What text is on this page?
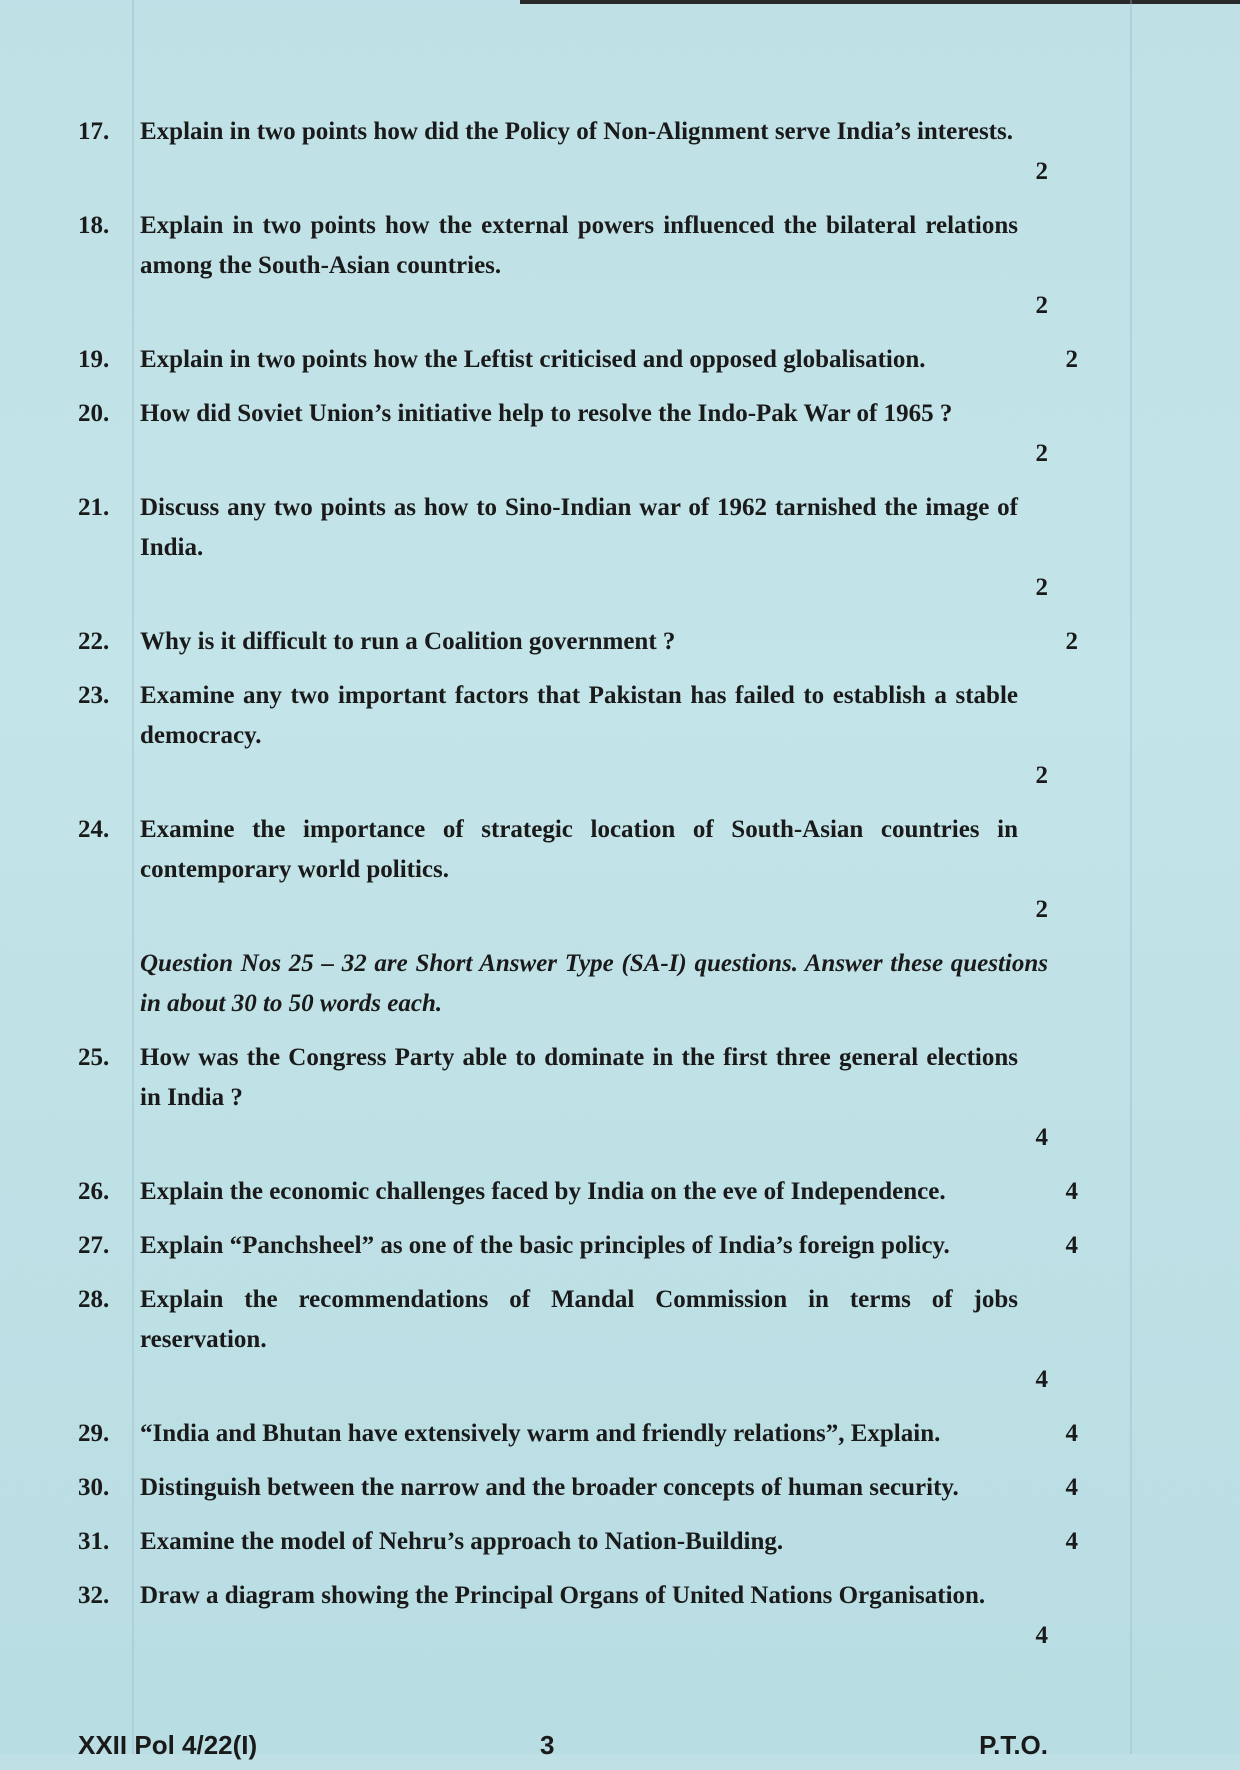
17.	Explain in two points how did the Policy of Non-Alignment serve India’s interests.
2
18.	Explain in two points how the external powers influenced the bilateral relations among the South-Asian countries.
2
19.	Explain in two points how the Leftist criticised and opposed globalisation.	2
20.	How did Soviet Union’s initiative help to resolve the Indo-Pak War of 1965 ?
2
21.	Discuss any two points as how to Sino-Indian war of 1962 tarnished the image of India.
2
22.	Why is it difficult to run a Coalition government ?	2
23.	Examine any two important factors that Pakistan has failed to establish a stable democracy.
2
24.	Examine the importance of strategic location of South-Asian countries in contemporary world politics.
2
Question Nos 25 – 32 are Short Answer Type (SA-I) questions. Answer these questions in about 30 to 50 words each.
25.	How was the Congress Party able to dominate in the first three general elections in India ?
4
26.	Explain the economic challenges faced by India on the eve of Independence.	4
27.	Explain “Panchsheel” as one of the basic principles of India’s foreign policy.	4
28.	Explain the recommendations of Mandal Commission in terms of jobs reservation.
4
29.	“India and Bhutan have extensively warm and friendly relations”, Explain.	4
30.	Distinguish between the narrow and the broader concepts of human security.	4
31.	Examine the model of Nehru’s approach to Nation-Building.	4
32.	Draw a diagram showing the Principal Organs of United Nations Organisation.
4
XXII Pol 4/22(I)	3	P.T.O.
